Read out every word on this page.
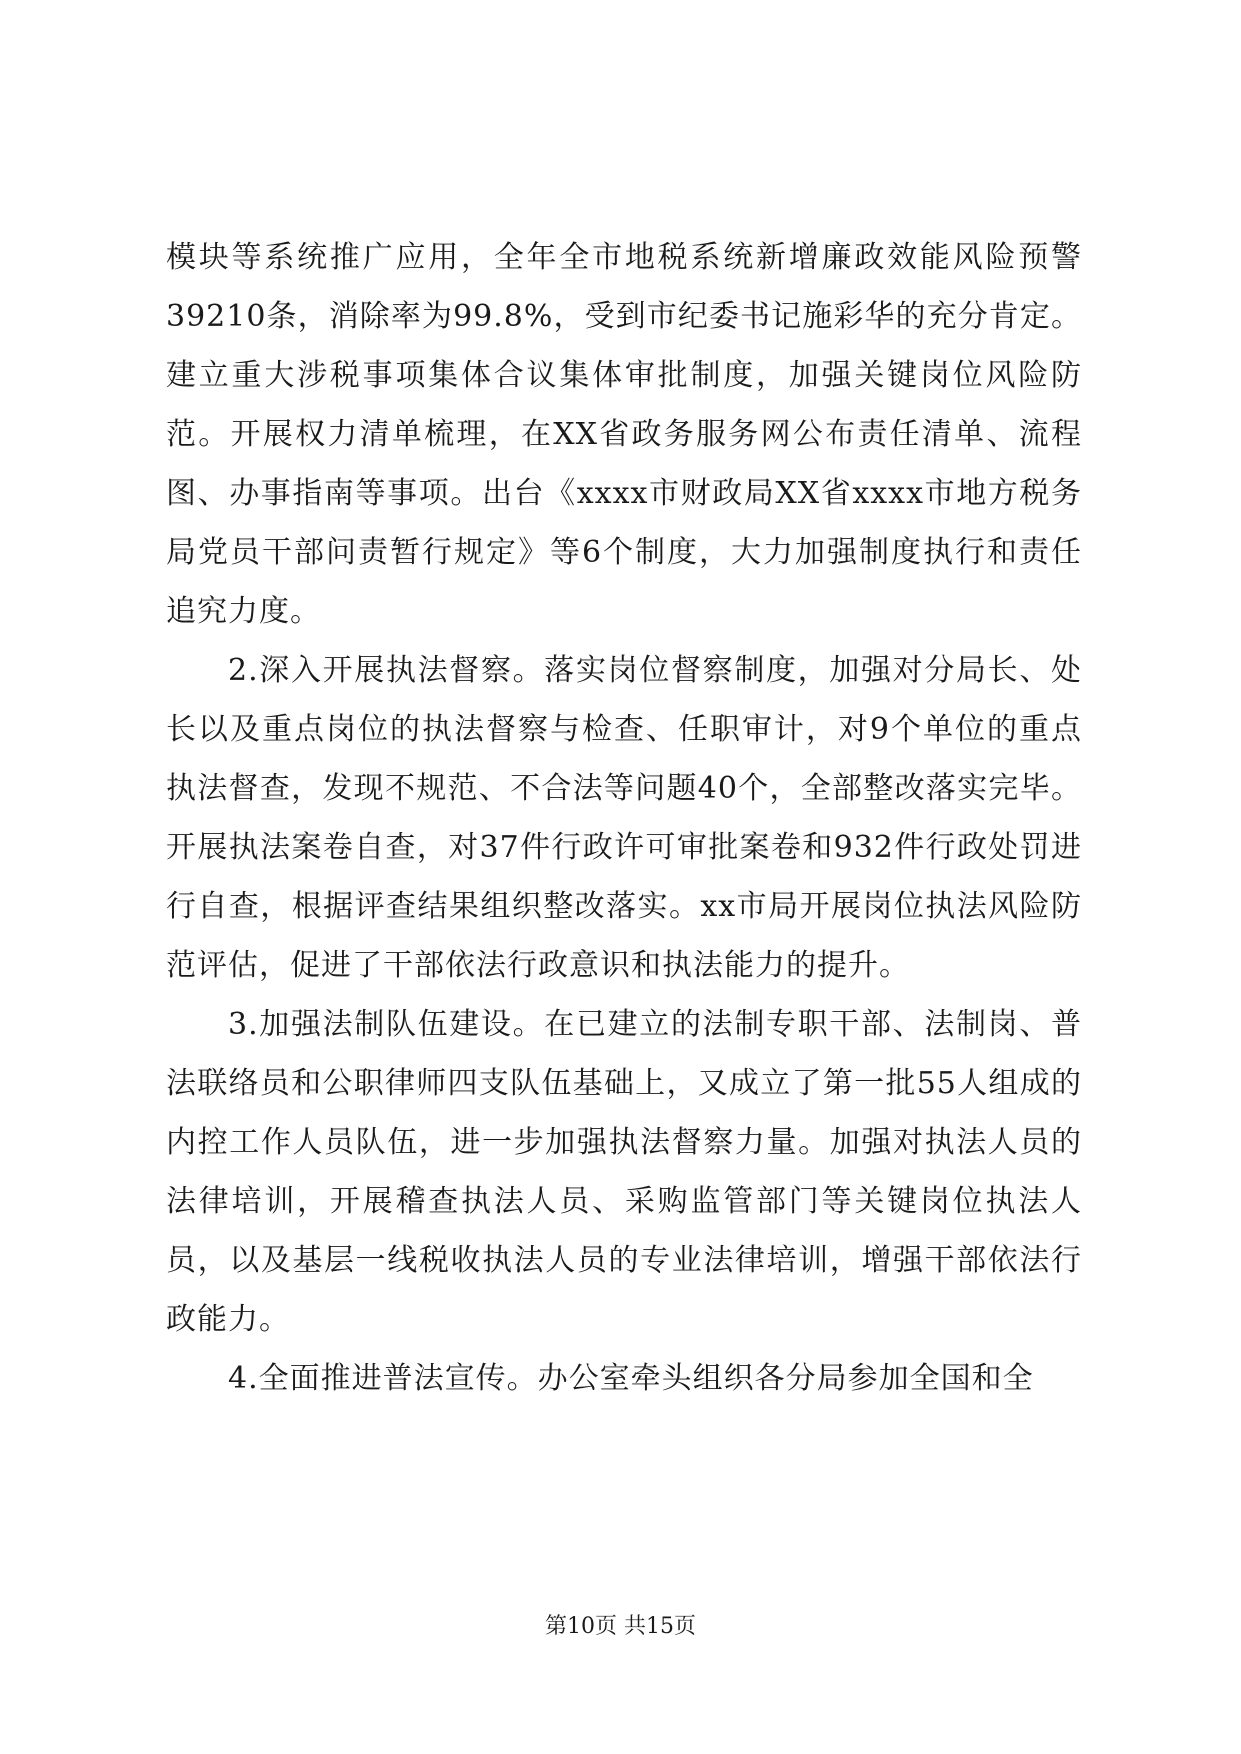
模块等系统推广应用，全年全市地税系统新增廉政效能风险预警39210条，消除率为99.8%，受到市纪委书记施彩华的充分肯定。建立重大涉税事项集体合议集体审批制度，加强关键岗位风险防范。开展权力清单梳理，在XX省政务服务网公布责任清单、流程图、办事指南等事项。出台《xxxx市财政局XX省xxxx市地方税务局党员干部问责暂行规定》等6个制度，大力加强制度执行和责任追究力度。

2.深入开展执法督察。落实岗位督察制度，加强对分局长、处长以及重点岗位的执法督察与检查、任职审计，对9个单位的重点执法督查，发现不规范、不合法等问题40个，全部整改落实完毕。开展执法案卷自查，对37件行政许可审批案卷和932件行政处罚进行自查，根据评查结果组织整改落实。xx市局开展岗位执法风险防范评估，促进了干部依法行政意识和执法能力的提升。

3.加强法制队伍建设。在已建立的法制专职干部、法制岗、普法联络员和公职律师四支队伍基础上，又成立了第一批55人组成的内控工作人员队伍，进一步加强执法督察力量。加强对执法人员的法律培训，开展稽查执法人员、采购监管部门等关键岗位执法人员，以及基层一线税收执法人员的专业法律培训，增强干部依法行政能力。

4.全面推进普法宣传。办公室牵头组织各分局参加全国和全

第10页 共15页
